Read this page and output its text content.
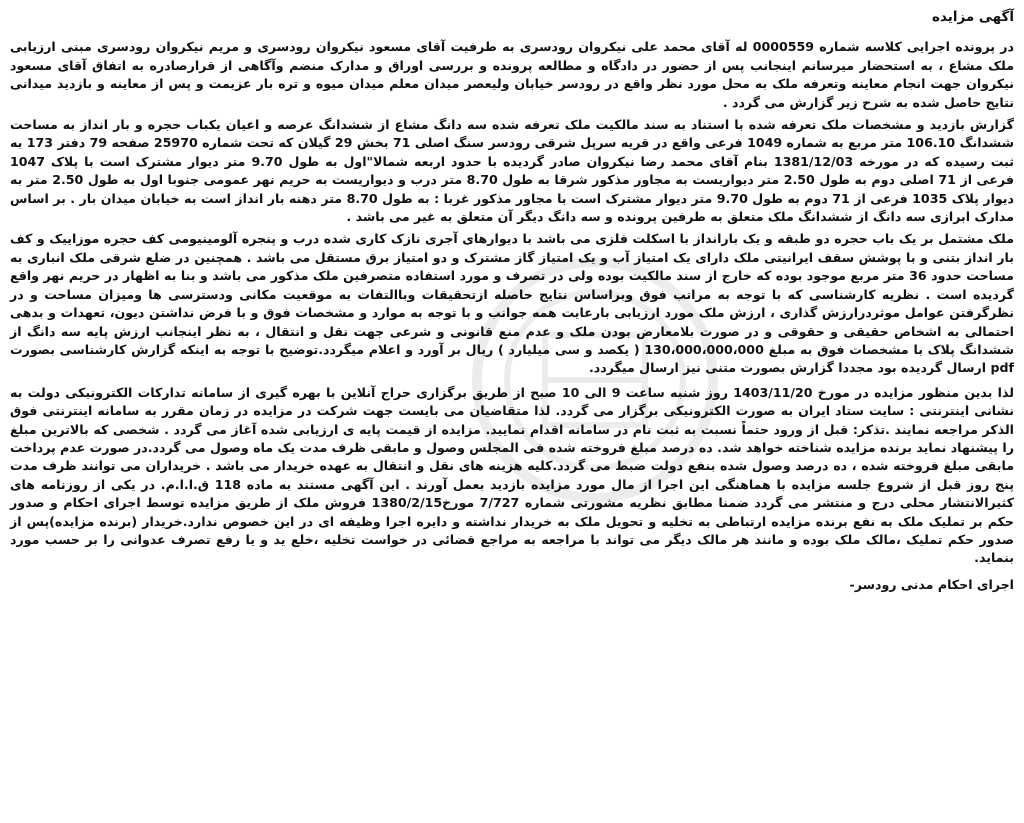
آگهی مزایده

در پرونده اجرایی کلاسه شماره 0000559 له آقای محمد علی نیکروان رودسری به طرفیت آقای مسعود نیکروان رودسری و مریم نیکروان رودسری مبنی ارزیابی ملک مشاع ، به استحضار میرسانم اینجانب پس از حضور در دادگاه و مطالعه پرونده و بررسی اوراق و مدارک منضم وآگاهی از قرارصادره به اتفاق آقای مسعود نیکروان جهت انجام معاینه وتعرفه ملک به محل مورد نظر واقع در رودسر خیابان ولیعصر میدان معلم میدان میوه و تره بار عزیمت و پس از معاینه و بازدید میدانی نتایج حاصل شده به شرح زیر گزارش می گردد .

گزارش بازدید و مشخصات ملک تعرفه شده با استناد به سند مالکیت ملک تعرفه شده سه دانگ مشاع از ششدانگ عرصه و اعیان یکباب حجره و بار انداز به مساحت ششدانگ 106.10 متر مربع به شماره 1049 فرعی واقع در قریه سرپل شرقی رودسر سنگ اصلی 71 بخش 29 گیلان که تحت شماره 25970 صفحه 79 دفتر 173 به ثبت رسیده که در مورخه 1381/12/03 بنام آقای محمد رضا نیکروان صادر گردیده با حدود اربعه شمالا"اول به طول 9.70 متر دیوار مشترک است با پلاک 1047 فرعی از 71 اصلی دوم به طول 2.50 متر دیواریست به مجاور مذکور شرقا به طول 8.70 متر درب و دیواریست به حریم نهر عمومی جنوبا اول به طول 2.50 متر به دیوار پلاک 1035 فرعی از 71 دوم به طول 9.70 متر دیوار مشترک است با مجاور مذکور غربا : به طول 8.70 متر دهنه بار انداز است به خیابان میدان بار . بر اساس مدارک ابرازی سه دانگ از ششدانگ ملک متعلق به طرفین پرونده و سه دانگ دیگر آن متعلق به غیر می باشد .

ملک مشتمل بر یک باب حجره دو طبقه و یک بارانداز با اسکلت فلزی می باشد با دیوارهای آجری نازک کاری شده درب و پنجره آلومینیومی کف حجره موزاییک و کف بار انداز بتنی و با پوشش سقف ایرانیتی ملک دارای یک امتیاز آب و یک امتیاز گاز مشترک و دو امتیاز برق مستقل می باشد . همچنین در ضلع شرقی ملک انباری به مساحت حدود 36 متر مربع موجود بوده که خارج از سند مالکیت بوده ولی در تصرف و مورد استفاده متصرفین ملک مذکور می باشد و بنا به اظهار در حریم نهر واقع گردیده است . نظریه کارشناسی که با توجه به مراتب فوق وبراساس نتایج حاصله ازتحقیقات وباالتفات به موقعیت مکانی ودسترسی ها ومیزان مساحت و در نظرگرفتن عوامل موثردرارزش گذاری ، ارزش ملک مورد ارزیابی بارعایت همه جوانب و با توجه به موارد و مشخصات فوق و با فرض نداشتن دیون، تعهدات و بدهی احتمالی به اشخاص حقیقی و حقوقی و در صورت بلامعارض بودن ملک و عدم منع قانونی و شرعی جهت نقل و انتقال ، به نظر اینجانب ارزش پایه سه دانگ از ششدانگ پلاک با مشخصات فوق به مبلغ 130،000،000،000 ( یکصد و سی میلیارد ) ریال بر آورد و اعلام میگردد.توضیح با توجه به اینکه گزارش کارشناسی بصورت pdf ارسال گردیده بود مجددا گزارش بصورت متنی نیز ارسال میگردد.

لذا بدین منظور مزایده در مورخ 1403/11/20 روز شنبه ساعت 9 الی 10 صبح از طریق برگزاری حراج آنلاین با بهره گیری از سامانه تدارکات الکترونیکی دولت به نشانی اینترنتی : سایت ستاد ایران به صورت الکترونیکی برگزار می گردد. لذا متقاضیان می بایست جهت شرکت در مزایده در زمان مقرر به سامانه اینترنتی فوق الذکر مراجعه نمایند .تذکر: قبل از ورود حتماً نسبت به ثبت نام در سامانه اقدام نمایید. مزایده از قیمت پایه ی ارزیابی شده آغاز می گردد . شخصی که بالاترین مبلغ را پیشنهاد نماید برنده مزایده شناخته خواهد شد. ده درصد مبلغ فروخته شده فی المجلس وصول و مابقی ظرف مدت یک ماه وصول می گردد.در صورت عدم پرداخت مابقی مبلغ فروخته شده ، ده درصد وصول شده بنفع دولت ضبط می گردد.کلیه هزینه های نقل و انتقال به عهده خریدار می باشد . خریداران می توانند ظرف مدت پنج روز قبل از شروع جلسه مزایده با هماهنگی این اجرا از مال مورد مزایده بازدید بعمل آورند . این آگهی مستند به ماده 118 ق.ا.ا.م. در یکی از روزنامه های کثیرالانتشار محلی درج و منتشر می گردد ضمنا مطابق نظریه مشورتی شماره 7/727 مورخ1380/2/15 فروش ملک از طریق مزایده توسط اجرای احکام و صدور حکم بر تملیک ملک به نفع برنده مزایده ارتباطی به تخلیه و تحویل ملک به خریدار نداشته و دایره اجرا وظیفه ای در این خصوص ندارد.خریدار (برنده مزایده)پس از صدور حکم تملیک ،مالک ملک بوده و مانند هر مالک دیگر می تواند با مراجعه به مراجع قضائی در خواست تخلیه ،خلع ید و یا رفع تصرف عدوانی را بر حسب مورد بنماید.

اجرای احکام مدنی رودسر-
